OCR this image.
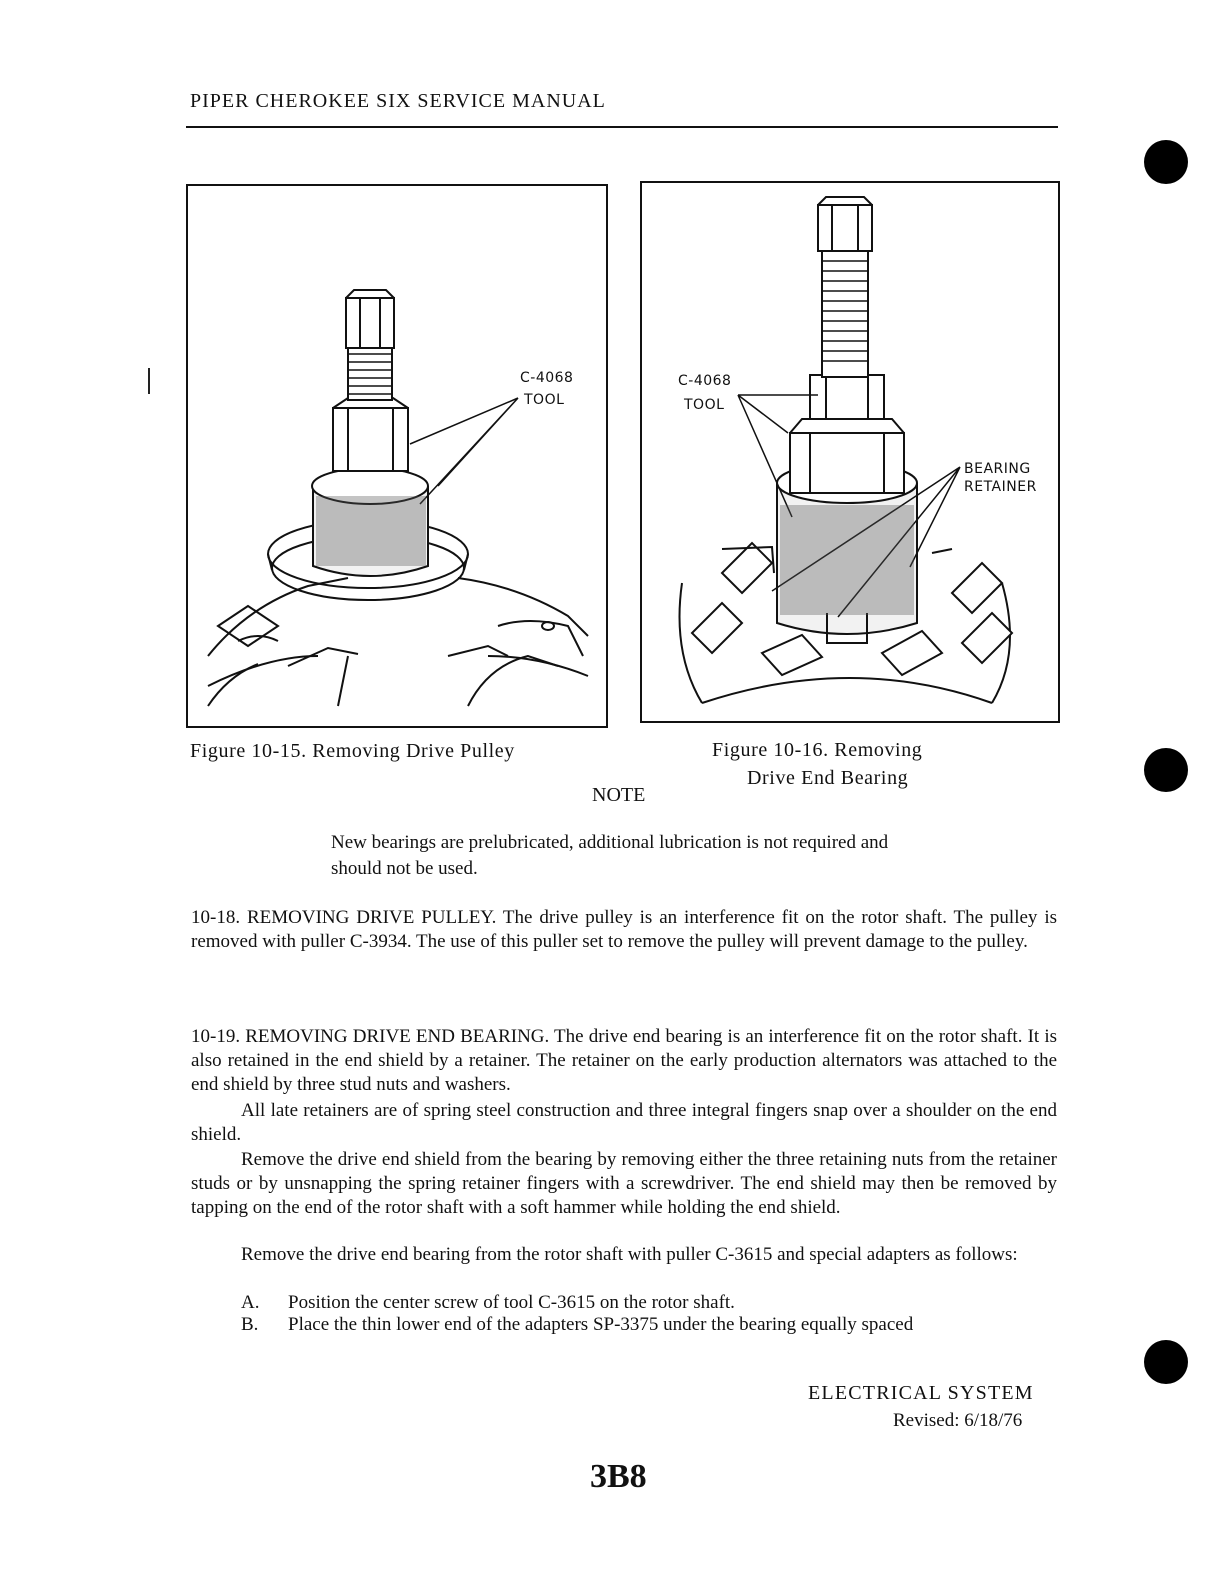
PIPER CHEROKEE SIX SERVICE MANUAL
C-4068
TOOL
C-4068
TOOL
BEARING
RETAINER
Figure 10-15. Removing Drive Pulley	Figure 10-16. Removing
Drive End Bearing
NOTE
New bearings are prelubricated, additional lubrication is not required and should not be used.
10-18. REMOVING DRIVE PULLEY. The drive pulley is an interference fit on the rotor shaft. The pulley is removed with puller C-3934. The use of this puller set to remove the pulley will prevent damage to the pulley.
10-19. REMOVING DRIVE END BEARING. The drive end bearing is an interference fit on the rotor shaft. It is also retained in the end shield by a retainer. The retainer on the early production alternators was attached to the end shield by three stud nuts and washers.
All late retainers are of spring steel construction and three integral fingers snap over a shoulder on the end shield.
Remove the drive end shield from the bearing by removing either the three retaining nuts from the retainer studs or by unsnapping the spring retainer fingers with a screwdriver. The end shield may then be removed by tapping on the end of the rotor shaft with a soft hammer while holding the end shield.
Remove the drive end bearing from the rotor shaft with puller C-3615 and special adapters as follows:
A. Position the center screw of tool C-3615 on the rotor shaft.
B. Place the thin lower end of the adapters SP-3375 under the bearing equally spaced
ELECTRICAL SYSTEM
Revised: 6/18/76
3B8
